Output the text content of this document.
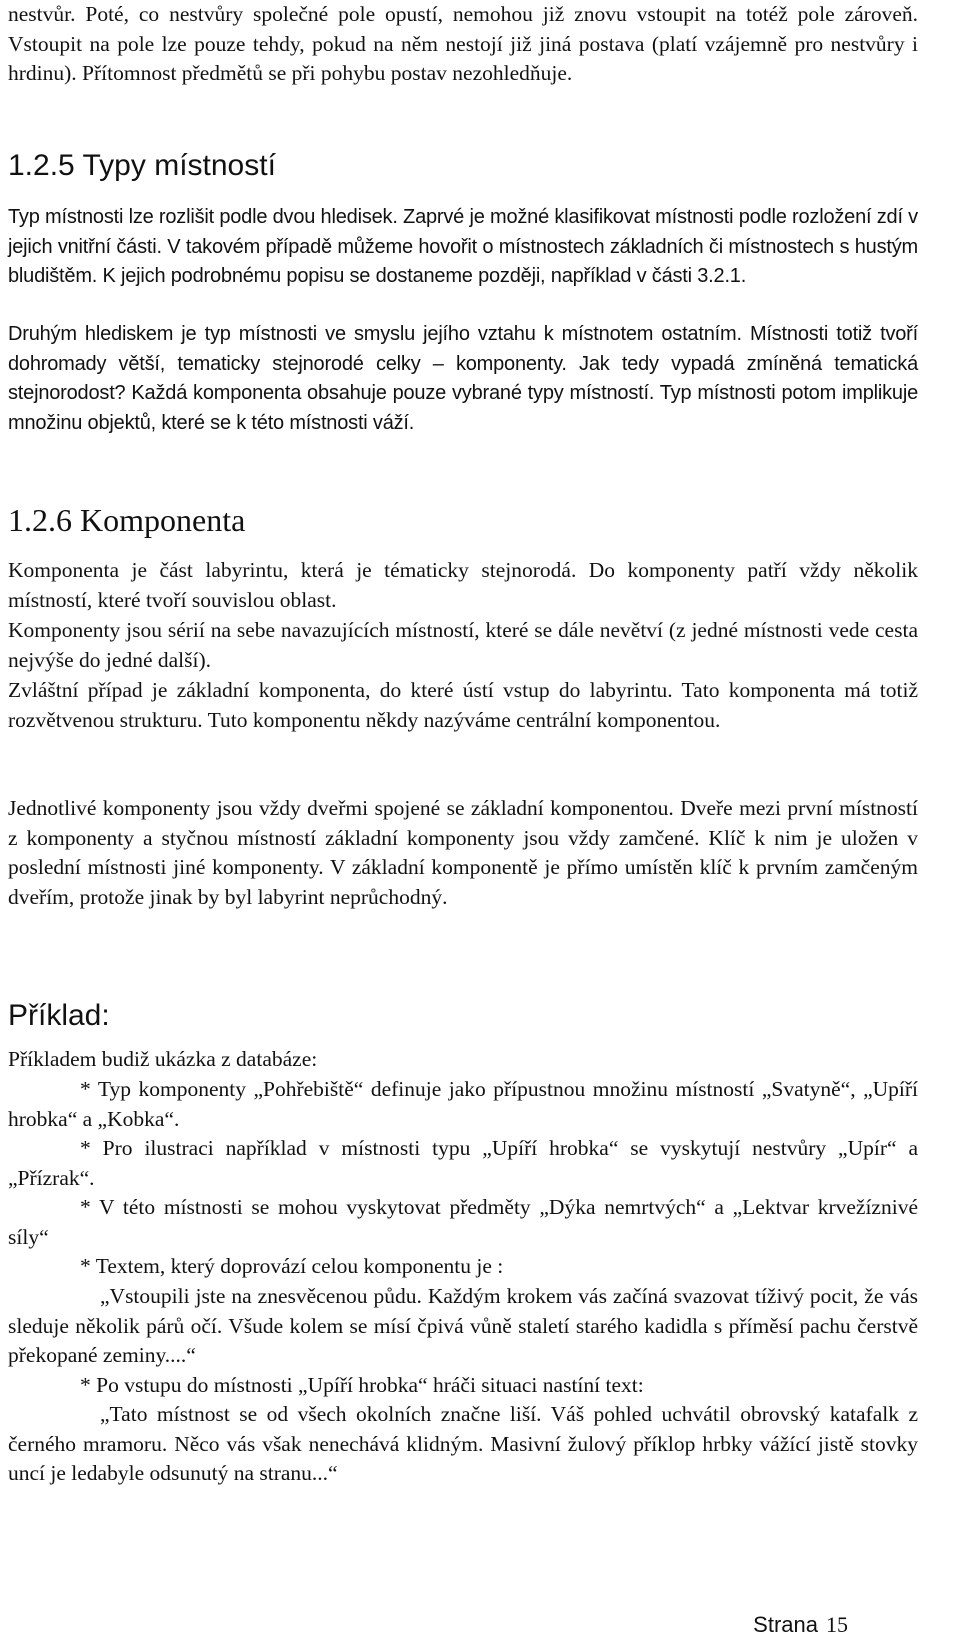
nestvůr. Poté, co nestvůry společné pole opustí, nemohou již znovu vstoupit na totéž pole zároveň. Vstoupit na pole lze pouze tehdy, pokud na něm nestojí již jiná postava (platí vzájemně pro nestvůry i hrdinu). Přítomnost předmětů se při pohybu postav nezohledňuje.

1.2.5 Typy místností

Typ místnosti lze rozlišit podle dvou hledisek. Zaprvé je možné klasifikovat místnosti podle rozložení zdí v jejich vnitřní části. V takovém případě můžeme hovořit o místnostech základních či místnostech s hustým bludištěm. K jejich podrobnému popisu se dostaneme později, například v části 3.2.1.

Druhým hlediskem je typ místnosti ve smyslu jejího vztahu k místnotem ostatním. Místnosti totiž tvoří dohromady větší, tematicky stejnorodé celky – komponenty. Jak tedy vypadá zmíněná tematická stejnorodost? Každá komponenta obsahuje pouze vybrané typy místností. Typ místnosti potom implikuje množinu objektů, které se k této místnosti váží.

1.2.6 Komponenta

Komponenta je část labyrintu, která je tématicky stejnorodá. Do komponenty patří vždy několik místností, které tvoří souvislou oblast.

Komponenty jsou sérií na sebe navazujících místností, které se dále nevětví (z jedné místnosti vede cesta nejvýše do jedné další).

Zvláštní případ je základní komponenta, do které ústí vstup do labyrintu. Tato komponenta má totiž rozvětvenou strukturu. Tuto komponentu někdy nazýváme centrální komponentou.

Jednotlivé komponenty jsou vždy dveřmi spojené se základní komponentou. Dveře mezi první místností z komponenty a styčnou místností základní komponenty jsou vždy zamčené. Klíč k nim je uložen v poslední místnosti jiné komponenty. V základní komponentě je přímo umístěn klíč k prvním zamčeným dveřím, protože jinak by byl labyrint neprůchodný.

Příklad:

Příkladem budiž ukázka z databáze:

* Typ komponenty „Pohřebiště“ definuje jako přípustnou množinu místností „Svatyně“, „Upíří hrobka“ a „Kobka“.

* Pro ilustraci například v místnosti typu „Upíří hrobka“ se vyskytují nestvůry „Upír“ a „Přízrak“.

* V této místnosti se mohou vyskytovat předměty „Dýka nemrtvých“ a „Lektvar krvežíznivé síly“

* Textem, který doprovází celou komponentu je :

„Vstoupili jste na znesvěcenou půdu. Každým krokem vás začíná svazovat tíživý pocit, že vás sleduje několik párů očí. Všude kolem se mísí čpivá vůně staletí starého kadidla s příměsí pachu čerstvě překopané zeminy....“

* Po vstupu do místnosti „Upíří hrobka“ hráči situaci nastíní text:

„Tato místnost se od všech okolních značne liší. Váš pohled uchvátil obrovský katafalk z černého mramoru. Něco vás však nenechává klidným. Masivní žulový příklop hrbky vážící jistě stovky uncí je ledabyle odsunutý na stranu...“

Strana 15
